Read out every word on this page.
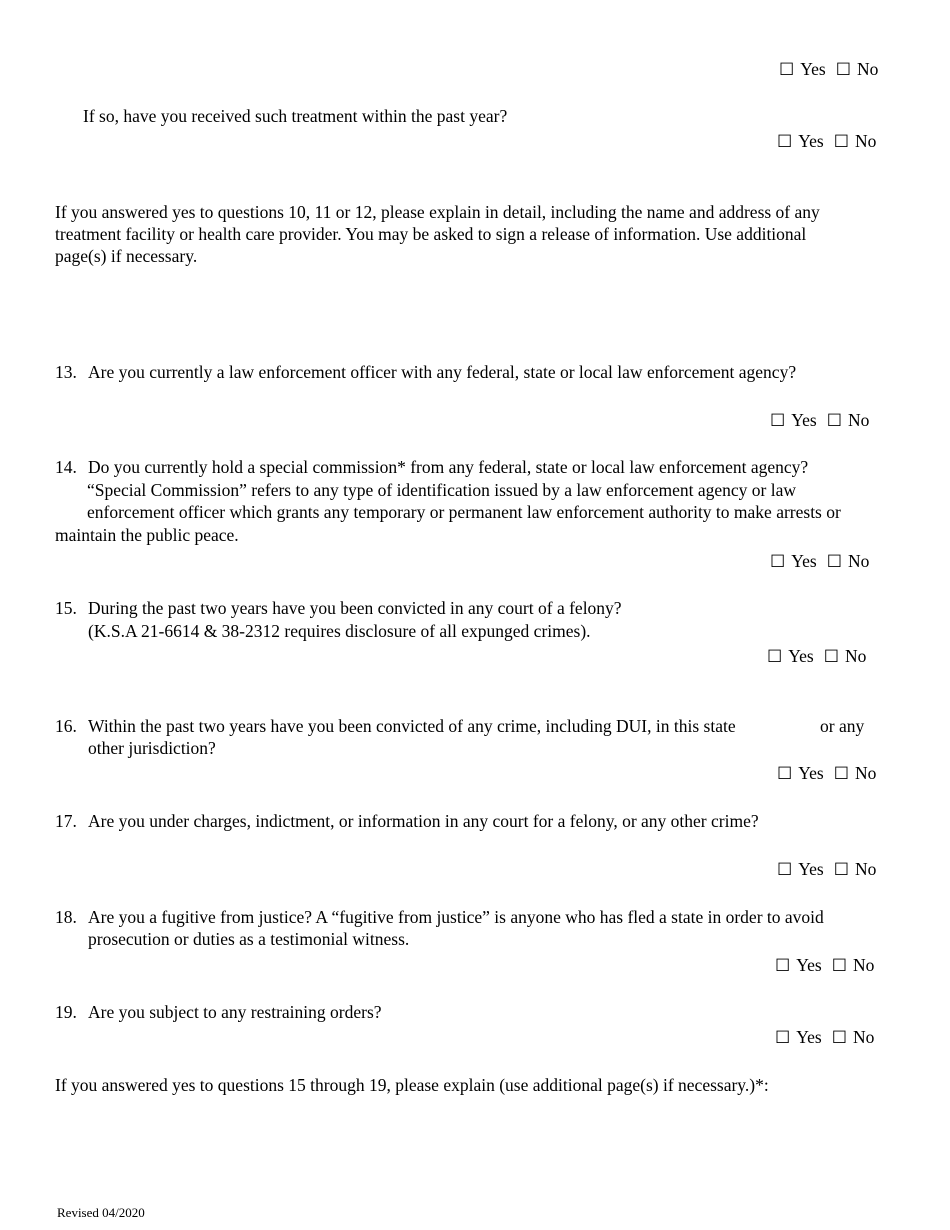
☐ Yes ☐ No
If so, have you received such treatment within the past year?
☐ Yes ☐ No
If you answered yes to questions 10, 11 or 12, please explain in detail, including the name and address of any
treatment facility or health care provider. You may be asked to sign a release of information. Use additional
page(s) if necessary.
13. Are you currently a law enforcement officer with any federal, state or local law enforcement agency?
☐ Yes ☐ No
14. Do you currently hold a special commission* from any federal, state or local law enforcement agency?
“Special Commission” refers to any type of identification issued by a law enforcement agency or law
enforcement officer which grants any temporary or permanent law enforcement authority to make arrests or
maintain the public peace.
☐ Yes ☐ No
15. During the past two years have you been convicted in any court of a felony?
(K.S.A 21-6614 & 38-2312 requires disclosure of all expunged crimes).
☐ Yes ☐ No
16. Within the past two years have you been convicted of any crime, including DUI, in this state	or any
other jurisdiction?
☐ Yes ☐ No
17. Are you under charges, indictment, or information in any court for a felony, or any other crime?
☐ Yes ☐ No
18. Are you a fugitive from justice? A “fugitive from justice” is anyone who has fled a state in order to avoid
prosecution or duties as a testimonial witness.
☐ Yes ☐ No
19. Are you subject to any restraining orders?
☐ Yes ☐ No
If you answered yes to questions 15 through 19, please explain (use additional page(s) if necessary.)*:
Revised 04/2020
